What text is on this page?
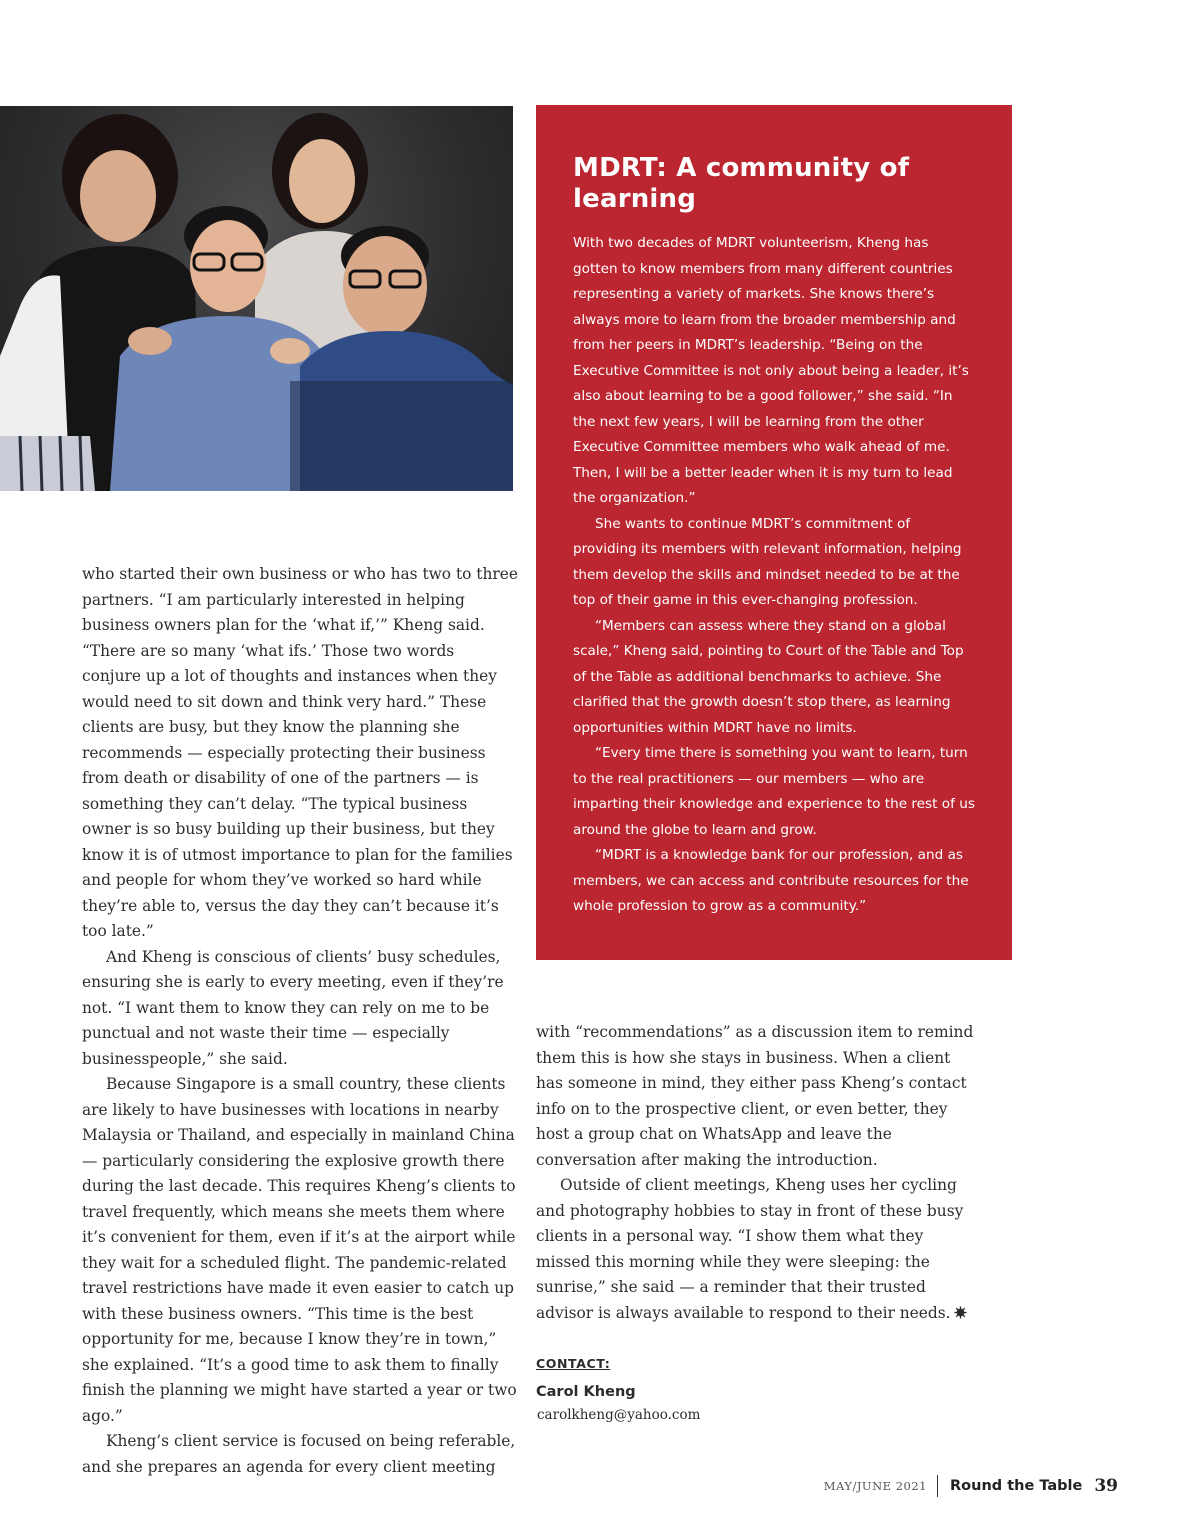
MDRT: A community of learning

With two decades of MDRT volunteerism, Kheng has gotten to know members from many different countries representing a variety of markets. She knows there’s always more to learn from the broader membership and from her peers in MDRT’s leadership. “Being on the Executive Committee is not only about being a leader, it’s also about learning to be a good follower,” she said. “In the next few years, I will be learning from the other Executive Committee members who walk ahead of me. Then, I will be a better leader when it is my turn to lead the organization.”

She wants to continue MDRT’s commitment of providing its members with relevant information, helping them develop the skills and mindset needed to be at the top of their game in this ever-changing profession.

“Members can assess where they stand on a global scale,” Kheng said, pointing to Court of the Table and Top of the Table as additional benchmarks to achieve. She clarified that the growth doesn’t stop there, as learning opportunities within MDRT have no limits.

“Every time there is something you want to learn, turn to the real practitioners — our members — who are imparting their knowledge and experience to the rest of us around the globe to learn and grow.

“MDRT is a knowledge bank for our profession, and as members, we can access and contribute resources for the whole profession to grow as a community.”

who started their own business or who has two to three partners. “I am particularly interested in helping business owners plan for the ‘what if,’” Kheng said. “There are so many ‘what ifs.’ Those two words conjure up a lot of thoughts and instances when they would need to sit down and think very hard.” These clients are busy, but they know the planning she recommends — especially protecting their business from death or disability of one of the partners — is something they can’t delay. “The typical business owner is so busy building up their business, but they know it is of utmost importance to plan for the families and people for whom they’ve worked so hard while they’re able to, versus the day they can’t because it’s too late.”

And Kheng is conscious of clients’ busy schedules, ensuring she is early to every meeting, even if they’re not. “I want them to know they can rely on me to be punctual and not waste their time — especially businesspeople,” she said.

Because Singapore is a small country, these clients are likely to have businesses with locations in nearby Malaysia or Thailand, and especially in mainland China — particularly considering the explosive growth there during the last decade. This requires Kheng’s clients to travel frequently, which means she meets them where it’s convenient for them, even if it’s at the airport while they wait for a scheduled flight. The pandemic-related travel restrictions have made it even easier to catch up with these business owners. “This time is the best opportunity for me, because I know they’re in town,” she explained. “It’s a good time to ask them to finally finish the planning we might have started a year or two ago.”

Kheng’s client service is focused on being referable, and she prepares an agenda for every client meeting

with “recommendations” as a discussion item to remind them this is how she stays in business. When a client has someone in mind, they either pass Kheng’s contact info on to the prospective client, or even better, they host a group chat on WhatsApp and leave the conversation after making the introduction.

Outside of client meetings, Kheng uses her cycling and photography hobbies to stay in front of these busy clients in a personal way. “I show them what they missed this morning while they were sleeping: the sunrise,” she said — a reminder that their trusted advisor is always available to respond to their needs.

CONTACT:
Carol Kheng
carolkheng@yahoo.com
MAY/JUNE 2021	Round the Table 39
